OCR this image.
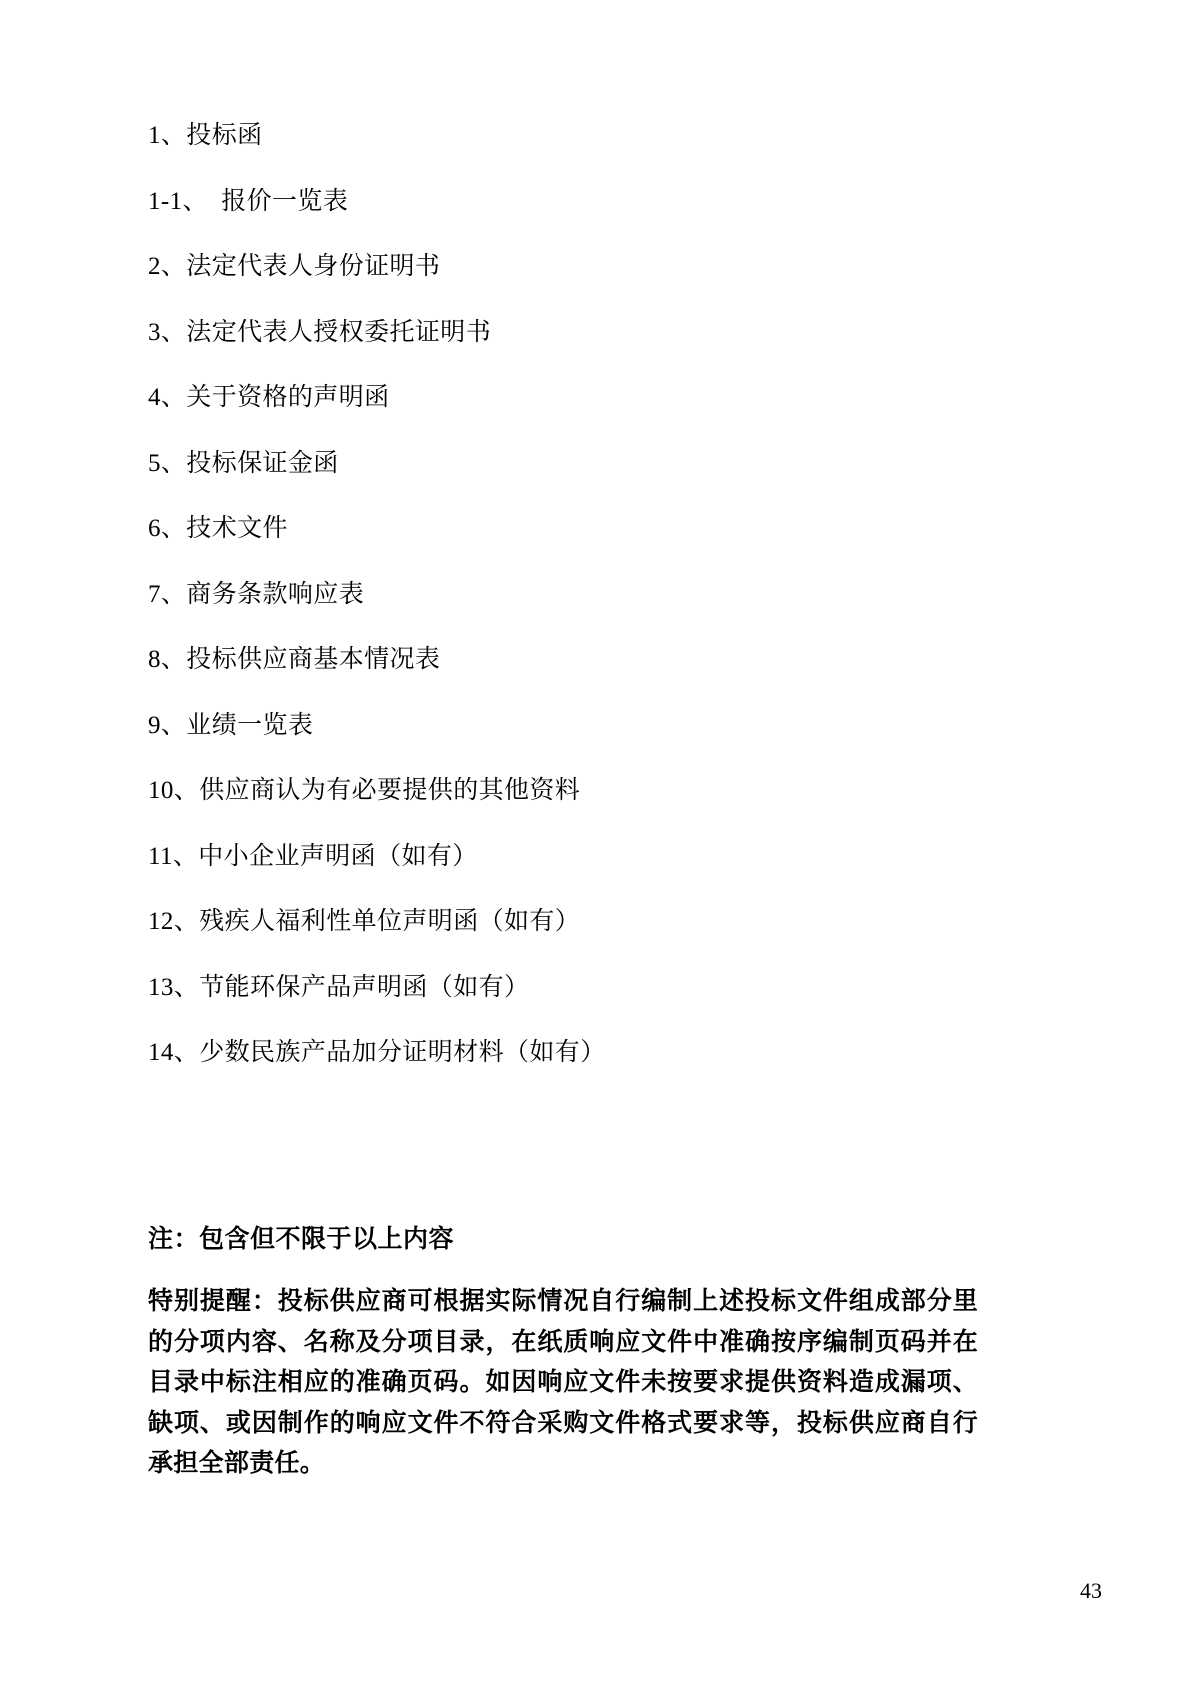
1、投标函
1-1、  报价一览表
2、法定代表人身份证明书
3、法定代表人授权委托证明书
4、关于资格的声明函
5、投标保证金函
6、技术文件
7、商务条款响应表
8、投标供应商基本情况表
9、业绩一览表
10、供应商认为有必要提供的其他资料
11、中小企业声明函（如有）
12、残疾人福利性单位声明函（如有）
13、节能环保产品声明函（如有）
14、少数民族产品加分证明材料（如有）
注：包含但不限于以上内容
特别提醒：投标供应商可根据实际情况自行编制上述投标文件组成部分里的分项内容、名称及分项目录，在纸质响应文件中准确按序编制页码并在目录中标注相应的准确页码。如因响应文件未按要求提供资料造成漏项、缺项、或因制作的响应文件不符合采购文件格式要求等，投标供应商自行承担全部责任。
43
